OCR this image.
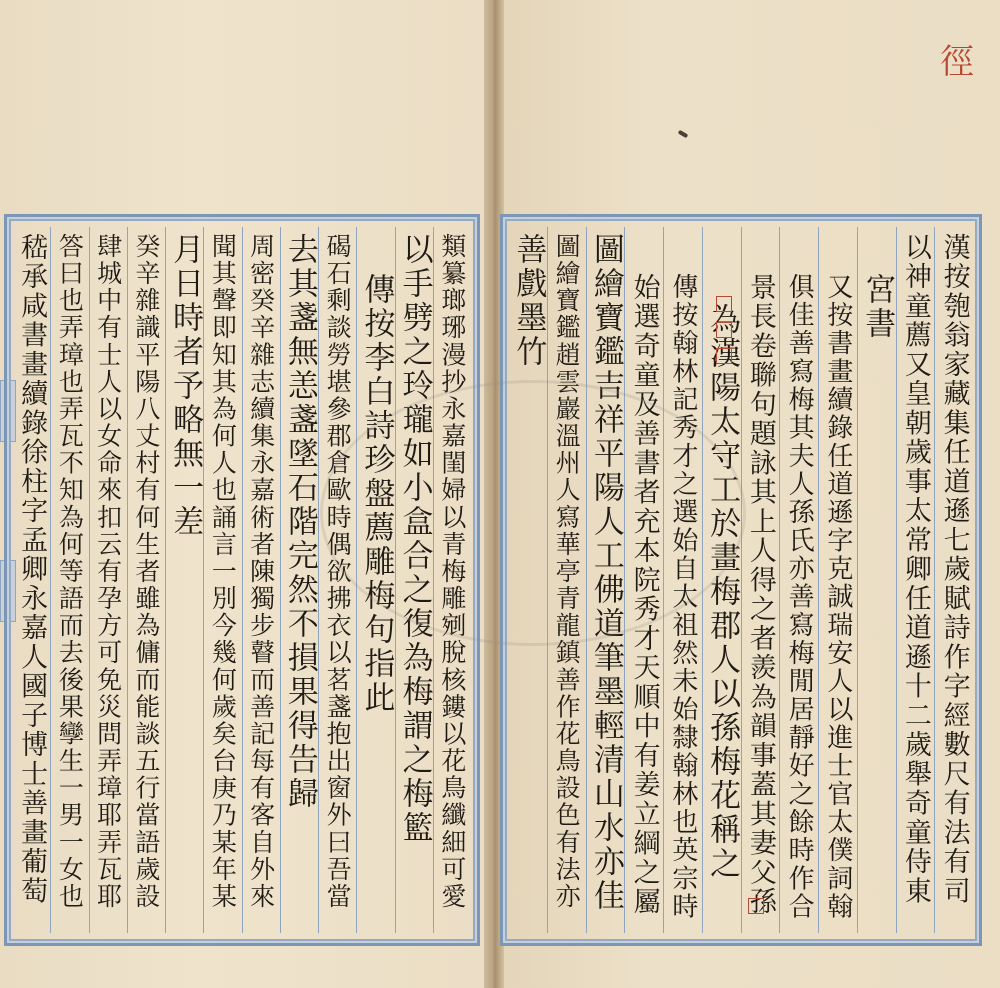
徑
漢按匏翁家藏集任道遜七歲賦詩作字經數尺有法有司
以神童薦又皇朝歲事太常卿任道遜十二歲舉奇童侍東
宮書
又按書畫續錄任道遜字克誠瑞安人以進士官太僕詞翰
俱佳善寫梅其夫人孫氏亦善寫梅閒居靜好之餘時作合
景長卷聯句題詠其上人得之者羨為韻事蓋其妻父孫
為漢陽太守工於畫梅郡人以孫梅花稱之
傳按翰林記秀才之選始自太祖然未始隸翰林也英宗時
始選奇童及善書者充本院秀才天順中有姜立綱之屬
圖繪寶鑑吉祥平陽人工佛道筆墨輕清山水亦佳
圖繪寶鑑趙雲巖溫州人寫華亭青龍鎮善作花鳥設色有法亦
善戲墨竹
類纂瑯琊漫抄永嘉閨婦以青梅雕剜脫核鏤以花鳥纖細可愛
以手劈之玲瓏如小盒合之復為梅謂之梅籃
傳按李白詩珍盤薦雕梅句指此
碣石剩談勞堪參郡倉歐時偶欲拂衣以茗盞抱出窗外曰吾當
去其盞無恙盞墜石階完然不損果得告歸
周密癸辛雜志續集永嘉術者陳獨步瞽而善記每有客自外來
聞其聲即知其為何人也誦言一別今幾何歲矣台庚乃某年某
月日時者予略無一差
癸辛雜識平陽八丈村有何生者雖為傭而能談五行當語歲設
肆城中有士人以女命來扣云有孕方可免災問弄璋耶弄瓦耶
答曰也弄璋也弄瓦不知為何等語而去後果孿生一男一女也
嵇承咸書畫續錄徐柱字孟卿永嘉人國子博士善畫葡萄
